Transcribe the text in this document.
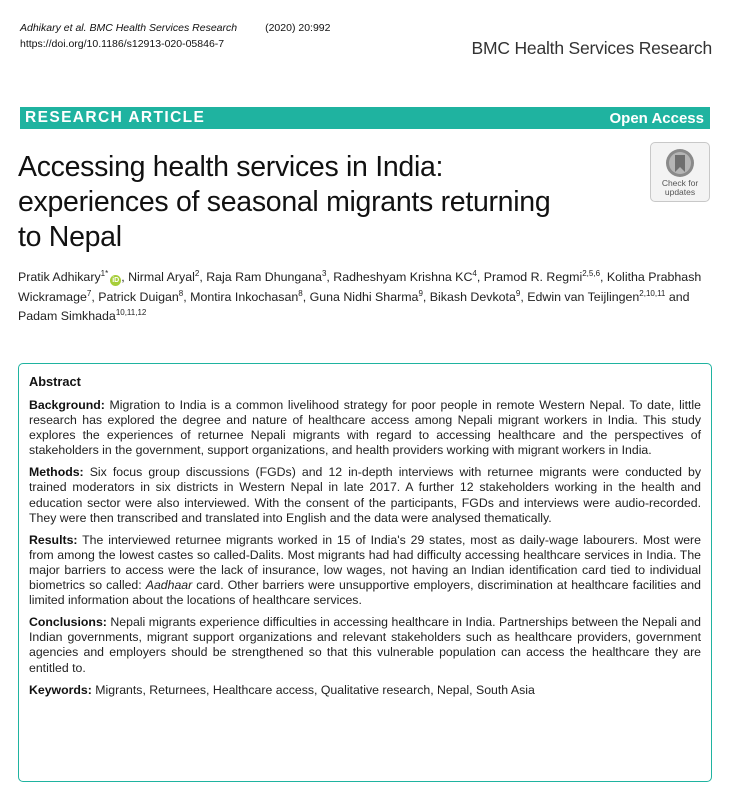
Adhikary et al. BMC Health Services Research	(2020) 20:992
https://doi.org/10.1186/s12913-020-05846-7	BMC Health Services Research
RESEARCH ARTICLE	Open Access
Accessing health services in India:
experiences of seasonal migrants returning
to Nepal
Check for
updates

Pratik Adhikary$^{1*}$iD , Nirmal Aryal$^2$, Raja Ram Dhungana$^3$, Radheshyam Krishna $KC^4$, Pramod R. Regmi$^{2,5,6}$, Kolitha Prabhash Wickramage$^7$, Patrick Duigan$^8$, Montira Inkochasan$^8$, Guna Nidhi Sharma$^9$, Bikash Devkota$^9$, Edwin van Teijlingen$^{2,10,11}$ and Padam Simkhada$^{10,11,12}$

Abstract

Background: Migration to India is a common livelihood strategy for poor people in remote Western Nepal. To date, little research has explored the degree and nature of healthcare access among Nepali migrant workers in India. This study explores the experiences of returnee Nepali migrants with regard to accessing healthcare and the perspectives of stakeholders in the government, support organizations, and health providers working with migrant workers in India.

Methods: Six focus group discussions (FGDs) and 12 in-depth interviews with returnee migrants were conducted by trained moderators in six districts in Western Nepal in late 2017. A further 12 stakeholders working in the health and education sector were also interviewed. With the consent of the participants, FGDs and interviews were audio-recorded. They were then transcribed and translated into English and the data were analysed thematically.

Results: The interviewed returnee migrants worked in 15 of India's 29 states, most as daily-wage labourers. Most were from among the lowest castes so called-Dalits. Most migrants had had difficulty accessing healthcare services in India. The major barriers to access were the lack of insurance, low wages, not having an Indian identification card tied to individual biometrics so called: Aadhaar card. Other barriers were unsupportive employers, discrimination at healthcare facilities and limited information about the locations of healthcare services.

Conclusions: Nepali migrants experience difficulties in accessing healthcare in India. Partnerships between the Nepali and Indian governments, migrant support organizations and relevant stakeholders such as healthcare providers, government agencies and employers should be strengthened so that this vulnerable population can access the healthcare they are entitled to.

Keywords: Migrants, Returnees, Healthcare access, Qualitative research, Nepal, South Asia
